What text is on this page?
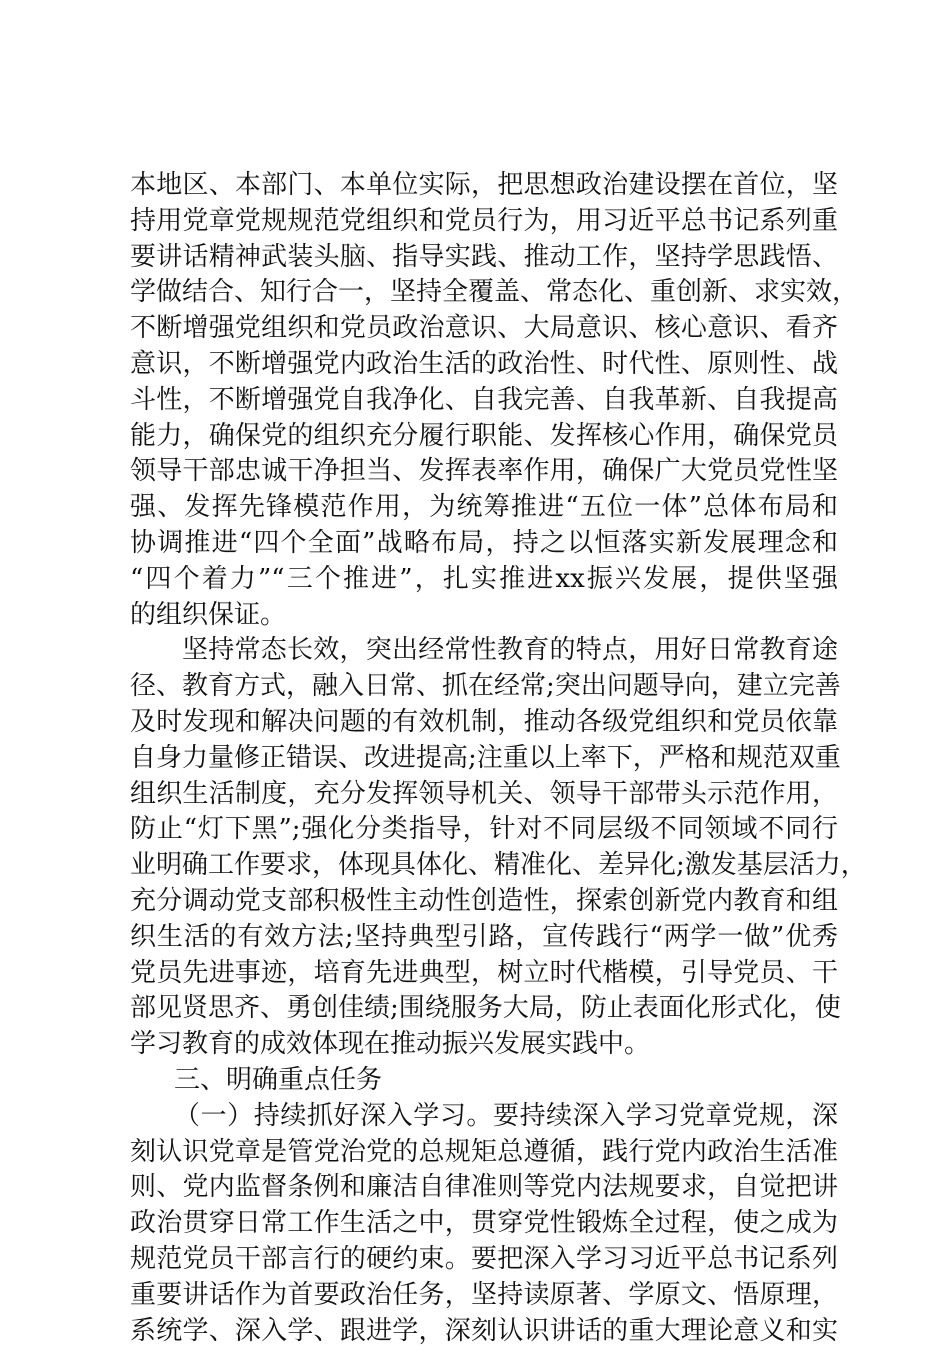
本地区、本部门、本单位实际，把思想政治建设摆在首位，坚
持用党章党规规范党组织和党员行为，用习近平总书记系列重
要讲话精神武装头脑、指导实践、推动工作，坚持学思践悟、
学做结合、知行合一，坚持全覆盖、常态化、重创新、求实效，
不断增强党组织和党员政治意识、大局意识、核心意识、看齐
意识，不断增强党内政治生活的政治性、时代性、原则性、战
斗性，不断增强党自我净化、自我完善、自我革新、自我提高
能力，确保党的组织充分履行职能、发挥核心作用，确保党员
领导干部忠诚干净担当、发挥表率作用，确保广大党员党性坚
强、发挥先锋模范作用，为统筹推进“五位一体”总体布局和
协调推进“四个全面”战略布局，持之以恒落实新发展理念和
“四个着力”“三个推进”，扎实推进xx振兴发展，提供坚强
的组织保证。
坚持常态长效，突出经常性教育的特点，用好日常教育途
径、教育方式，融入日常、抓在经常;突出问题导向，建立完善
及时发现和解决问题的有效机制，推动各级党组织和党员依靠
自身力量修正错误、改进提高;注重以上率下，严格和规范双重
组织生活制度，充分发挥领导机关、领导干部带头示范作用，
防止“灯下黑”;强化分类指导，针对不同层级不同领域不同行
业明确工作要求，体现具体化、精准化、差异化;激发基层活力，
充分调动党支部积极性主动性创造性，探索创新党内教育和组
织生活的有效方法;坚持典型引路，宣传践行“两学一做”优秀
党员先进事迹，培育先进典型，树立时代楷模，引导党员、干
部见贤思齐、勇创佳绩;围绕服务大局，防止表面化形式化，使
学习教育的成效体现在推动振兴发展实践中。
三、明确重点任务
（一）持续抓好深入学习。要持续深入学习党章党规，深
刻认识党章是管党治党的总规矩总遵循，践行党内政治生活准
则、党内监督条例和廉洁自律准则等党内法规要求，自觉把讲
政治贯穿日常工作生活之中，贯穿党性锻炼全过程，使之成为
规范党员干部言行的硬约束。要把深入学习习近平总书记系列
重要讲话作为首要政治任务，坚持读原著、学原文、悟原理，
系统学、深入学、跟进学，深刻认识讲话的重大理论意义和实
